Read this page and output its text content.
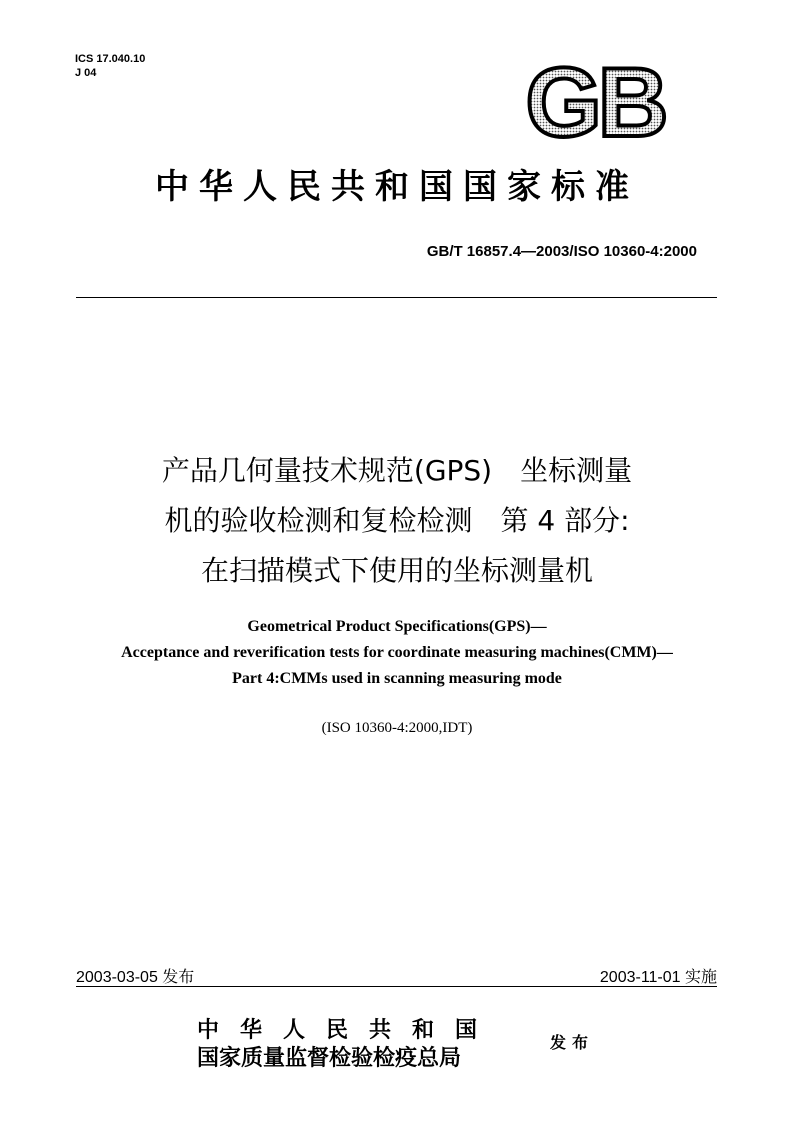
ICS 17.040.10
J 04	GB
中华人民共和国国家标准
GB/T 16857.4—2003/ISO 10360-4:2000
产品几何量技术规范(GPS)　坐标测量
机的验收检测和复检检测　第 4 部分:
在扫描模式下使用的坐标测量机
Geometrical Product Specifications(GPS)—
Acceptance and reverification tests for coordinate measuring machines(CMM)—
Part 4:CMMs used in scanning measuring mode
(ISO 10360-4:2000,IDT)
2003-03-05 发布	2003-11-01 实施
中华人民共和国
国家质量监督检验检疫总局
发布
